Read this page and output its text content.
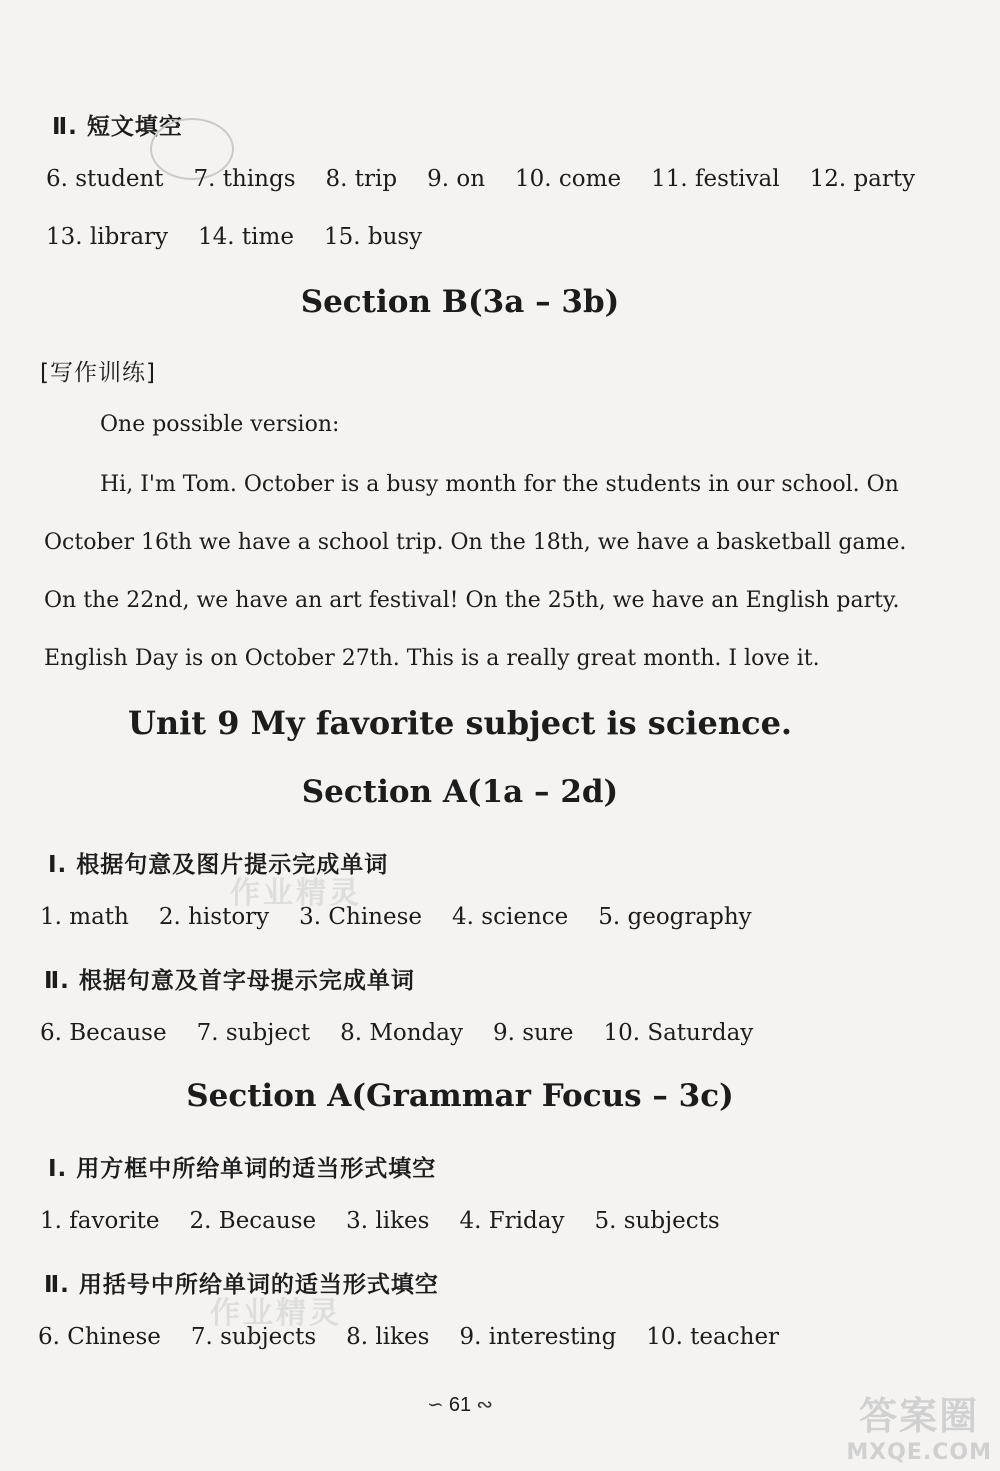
Ⅱ. 短文填空
6. student 7. things 8. trip 9. on 10. come 11. festival 12. party
13. library 14. time 15. busy
Section B(3a – 3b)
[写作训练]
One possible version:
Hi, I'm Tom. October is a busy month for the students in our school. On
October 16th we have a school trip. On the 18th, we have a basketball game.
On the 22nd, we have an art festival! On the 25th, we have an English party.
English Day is on October 27th. This is a really great month. I love it.
Unit 9 My favorite subject is science.
Section A(1a – 2d)
Ⅰ. 根据句意及图片提示完成单词
1. math 2. history 3. Chinese 4. science 5. geography
作业精灵
Ⅱ. 根据句意及首字母提示完成单词
6. Because 7. subject 8. Monday 9. sure 10. Saturday
Section A(Grammar Focus – 3c)
Ⅰ. 用方框中所给单词的适当形式填空
1. favorite 2. Because 3. likes 4. Friday 5. subjects
Ⅱ. 用括号中所给单词的适当形式填空
6. Chinese 7. subjects 8. likes 9. interesting 10. teacher
作业精灵
∽ 61 ∾	答案圈
MXQE.COM
